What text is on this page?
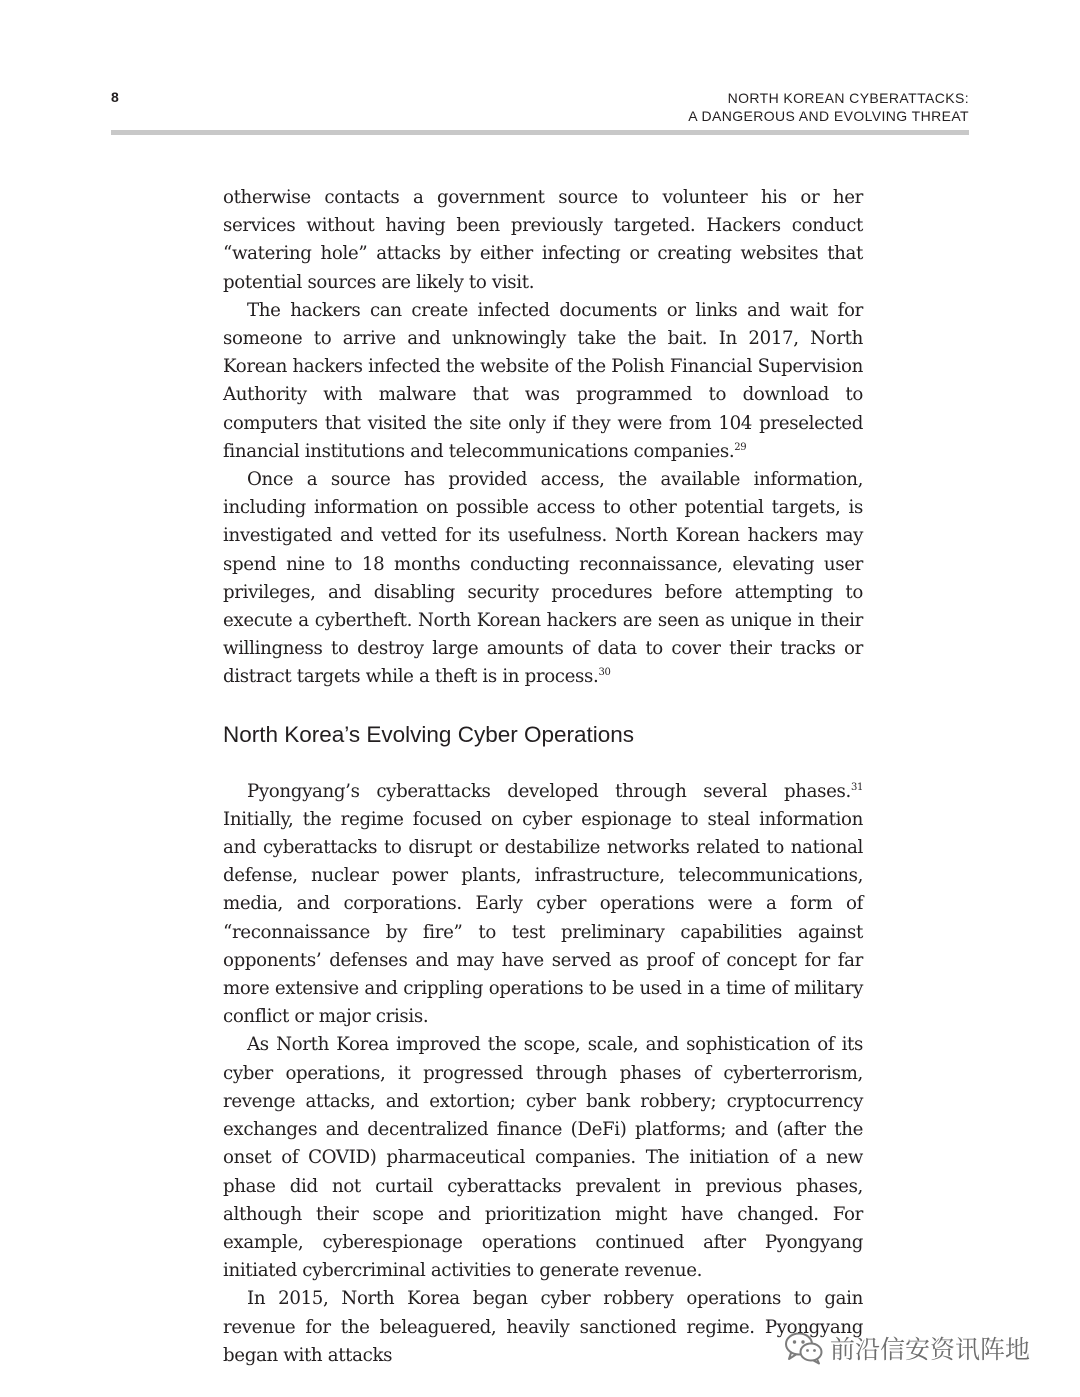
8	NORTH KOREAN CYBERATTACKS:
A DANGEROUS AND EVOLVING THREAT

otherwise contacts a government source to volunteer his or her services without having been previously targeted. Hackers conduct “watering hole” attacks by either infecting or creating websites that potential sources are likely to visit.

The hackers can create infected documents or links and wait for someone to arrive and unknowingly take the bait. In 2017, North Korean hackers infected the website of the Polish Financial Supervision Authority with malware that was programmed to download to computers that visited the site only if they were from 104 preselected financial institutions and telecommunications companies.$^{29}$

Once a source has provided access, the available information, including information on possible access to other potential targets, is investigated and vetted for its usefulness. North Korean hackers may spend nine to 18 months conducting reconnaissance, elevating user privileges, and disabling security procedures before attempting to execute a cybertheft. North Korean hackers are seen as unique in their willingness to destroy large amounts of data to cover their tracks or distract targets while a theft is in process.$^{30}$

North Korea’s Evolving Cyber Operations

Pyongyang’s cyberattacks developed through several phases.$^{31}$ Initially, the regime focused on cyber espionage to steal information and cyberattacks to disrupt or destabilize networks related to national defense, nuclear power plants, infrastructure, telecommunications, media, and corporations. Early cyber operations were a form of “reconnaissance by fire” to test preliminary capabilities against opponents’ defenses and may have served as proof of concept for far more extensive and crippling operations to be used in a time of military conflict or major crisis.

As North Korea improved the scope, scale, and sophistication of its cyber operations, it progressed through phases of cyberterrorism, revenge attacks, and extortion; cyber bank robbery; cryptocurrency exchanges and decentralized finance (DeFi) platforms; and (after the onset of COVID) pharmaceutical companies. The initiation of a new phase did not curtail cyberattacks prevalent in previous phases, although their scope and prioritization might have changed. For example, cyberespionage operations continued after Pyongyang initiated cybercriminal activities to generate revenue.

In 2015, North Korea began cyber robbery operations to gain revenue for the beleaguered, heavily sanctioned regime. Pyongyang began with attacks	前沿信安资讯阵地
